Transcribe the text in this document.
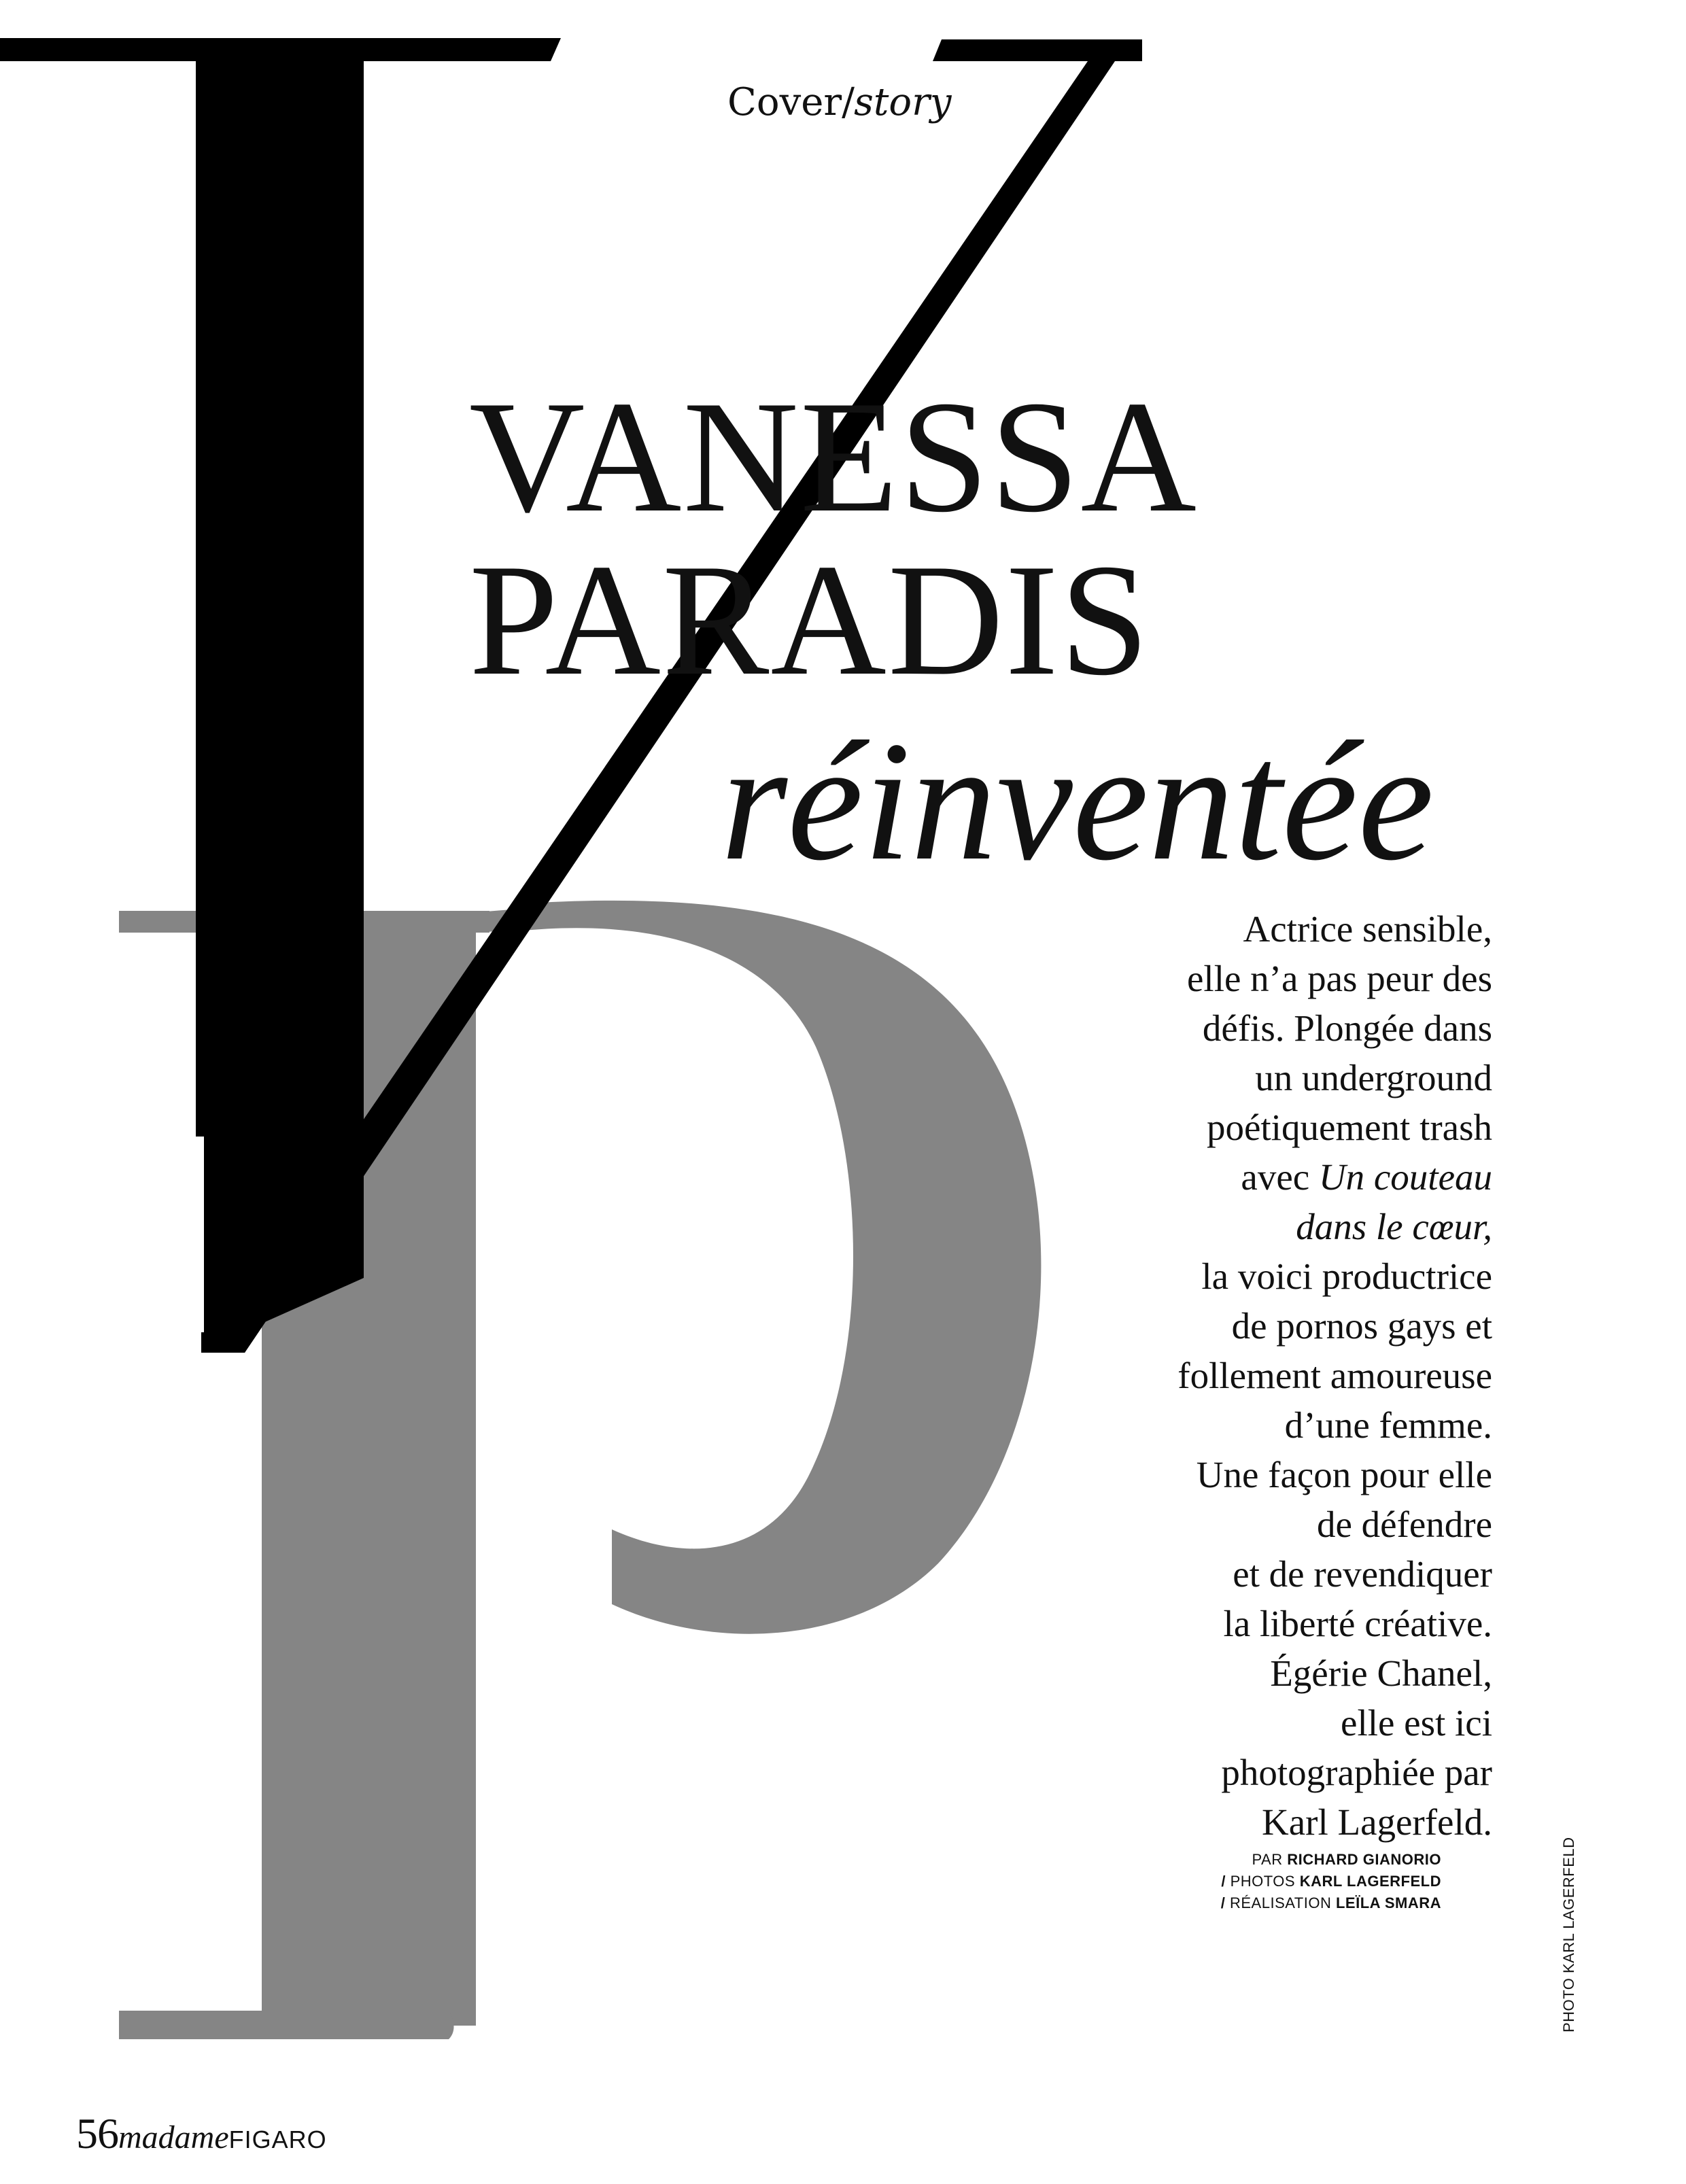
Cover/story
VANESSA
PARADIS
réinventée
Actrice sensible,
elle n’a pas peur des
défis. Plongée dans
un underground
poétiquement trash
avec Un couteau
dans le cœur,
la voici productrice
de pornos gays et
follement amoureuse
d’une femme.
Une façon pour elle
de défendre
et de revendiquer
la liberté créative.
Égérie Chanel,
elle est ici
photographiée par
Karl Lagerfeld.
PAR RICHARD GIANORIO
/ PHOTOS KARL LAGERFELD
/ RÉALISATION LEÏLA SMARA	PHOTO KARL LAGERFELD
56madameFIGARO
